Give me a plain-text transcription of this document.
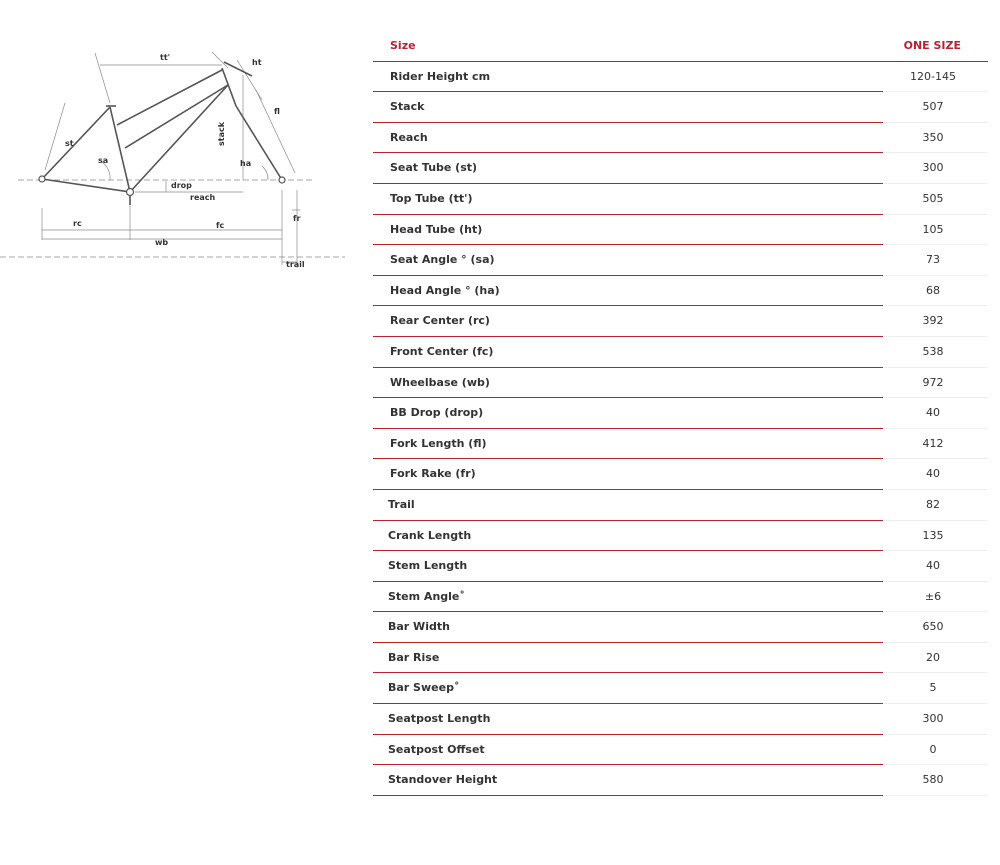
tt'
ht
st
sa
stack
fl
ha
drop
reach
rc	fc
fr
wb
trail
Size	ONE SIZE
Rider Height cm	120-145
Stack	507
Reach	350
Seat Tube (st)	300
Top Tube (tt')	505
Head Tube (ht)	105
Seat Angle ° (sa)	73
Head Angle ° (ha)	68
Rear Center (rc)	392
Front Center (fc)	538
Wheelbase (wb)	972
BB Drop (drop)	40
Fork Length (fl)	412
Fork Rake (fr)	40
Trail	82
Crank Length	135
Stem Length	40
Stem Angle˚	±6
Bar Width	650
Bar Rise	20
Bar Sweep˚	5
Seatpost Length	300
Seatpost Offset	0
Standover Height	580
